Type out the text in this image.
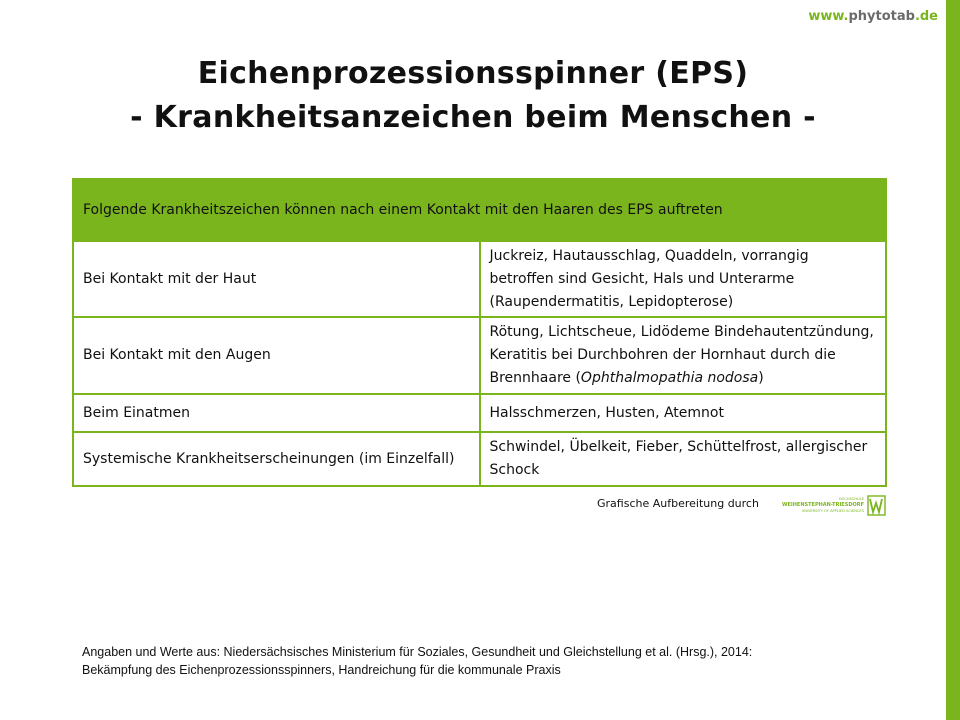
www.phytotab.de
Eichenprozessionsspinner (EPS)
- Krankheitsanzeichen beim Menschen -
Folgende Krankheitszeichen können nach einem Kontakt mit den Haaren des EPS auftreten	
Bei Kontakt mit der Haut	Juckreiz, Hautausschlag, Quaddeln, vorrangig betroffen sind Gesicht, Hals und Unterarme (Raupendermatitis, Lepidopterose)
Bei Kontakt mit den Augen	Rötung, Lichtscheue, Lidödeme Bindehautentzündung, Keratitis bei Durchbohren der Hornhaut durch die Brennhaare (Ophthalmopathia nodosa)
Beim Einatmen	Halsschmerzen, Husten, Atemnot
Systemische Krankheitserscheinungen (im Einzelfall)	Schwindel, Übelkeit, Fieber, Schüttelfrost, allergischer Schock
Grafische Aufbereitung durch	HOCHSCHULE
WEIHENSTEPHAN-TRIESDORF
UNIVERSITY OF APPLIED SCIENCES
Angaben und Werte aus: Niedersächsisches Ministerium für Soziales, Gesundheit und Gleichstellung et al. (Hrsg.), 2014:
Bekämpfung des Eichenprozessionsspinners, Handreichung für die kommunale Praxis
